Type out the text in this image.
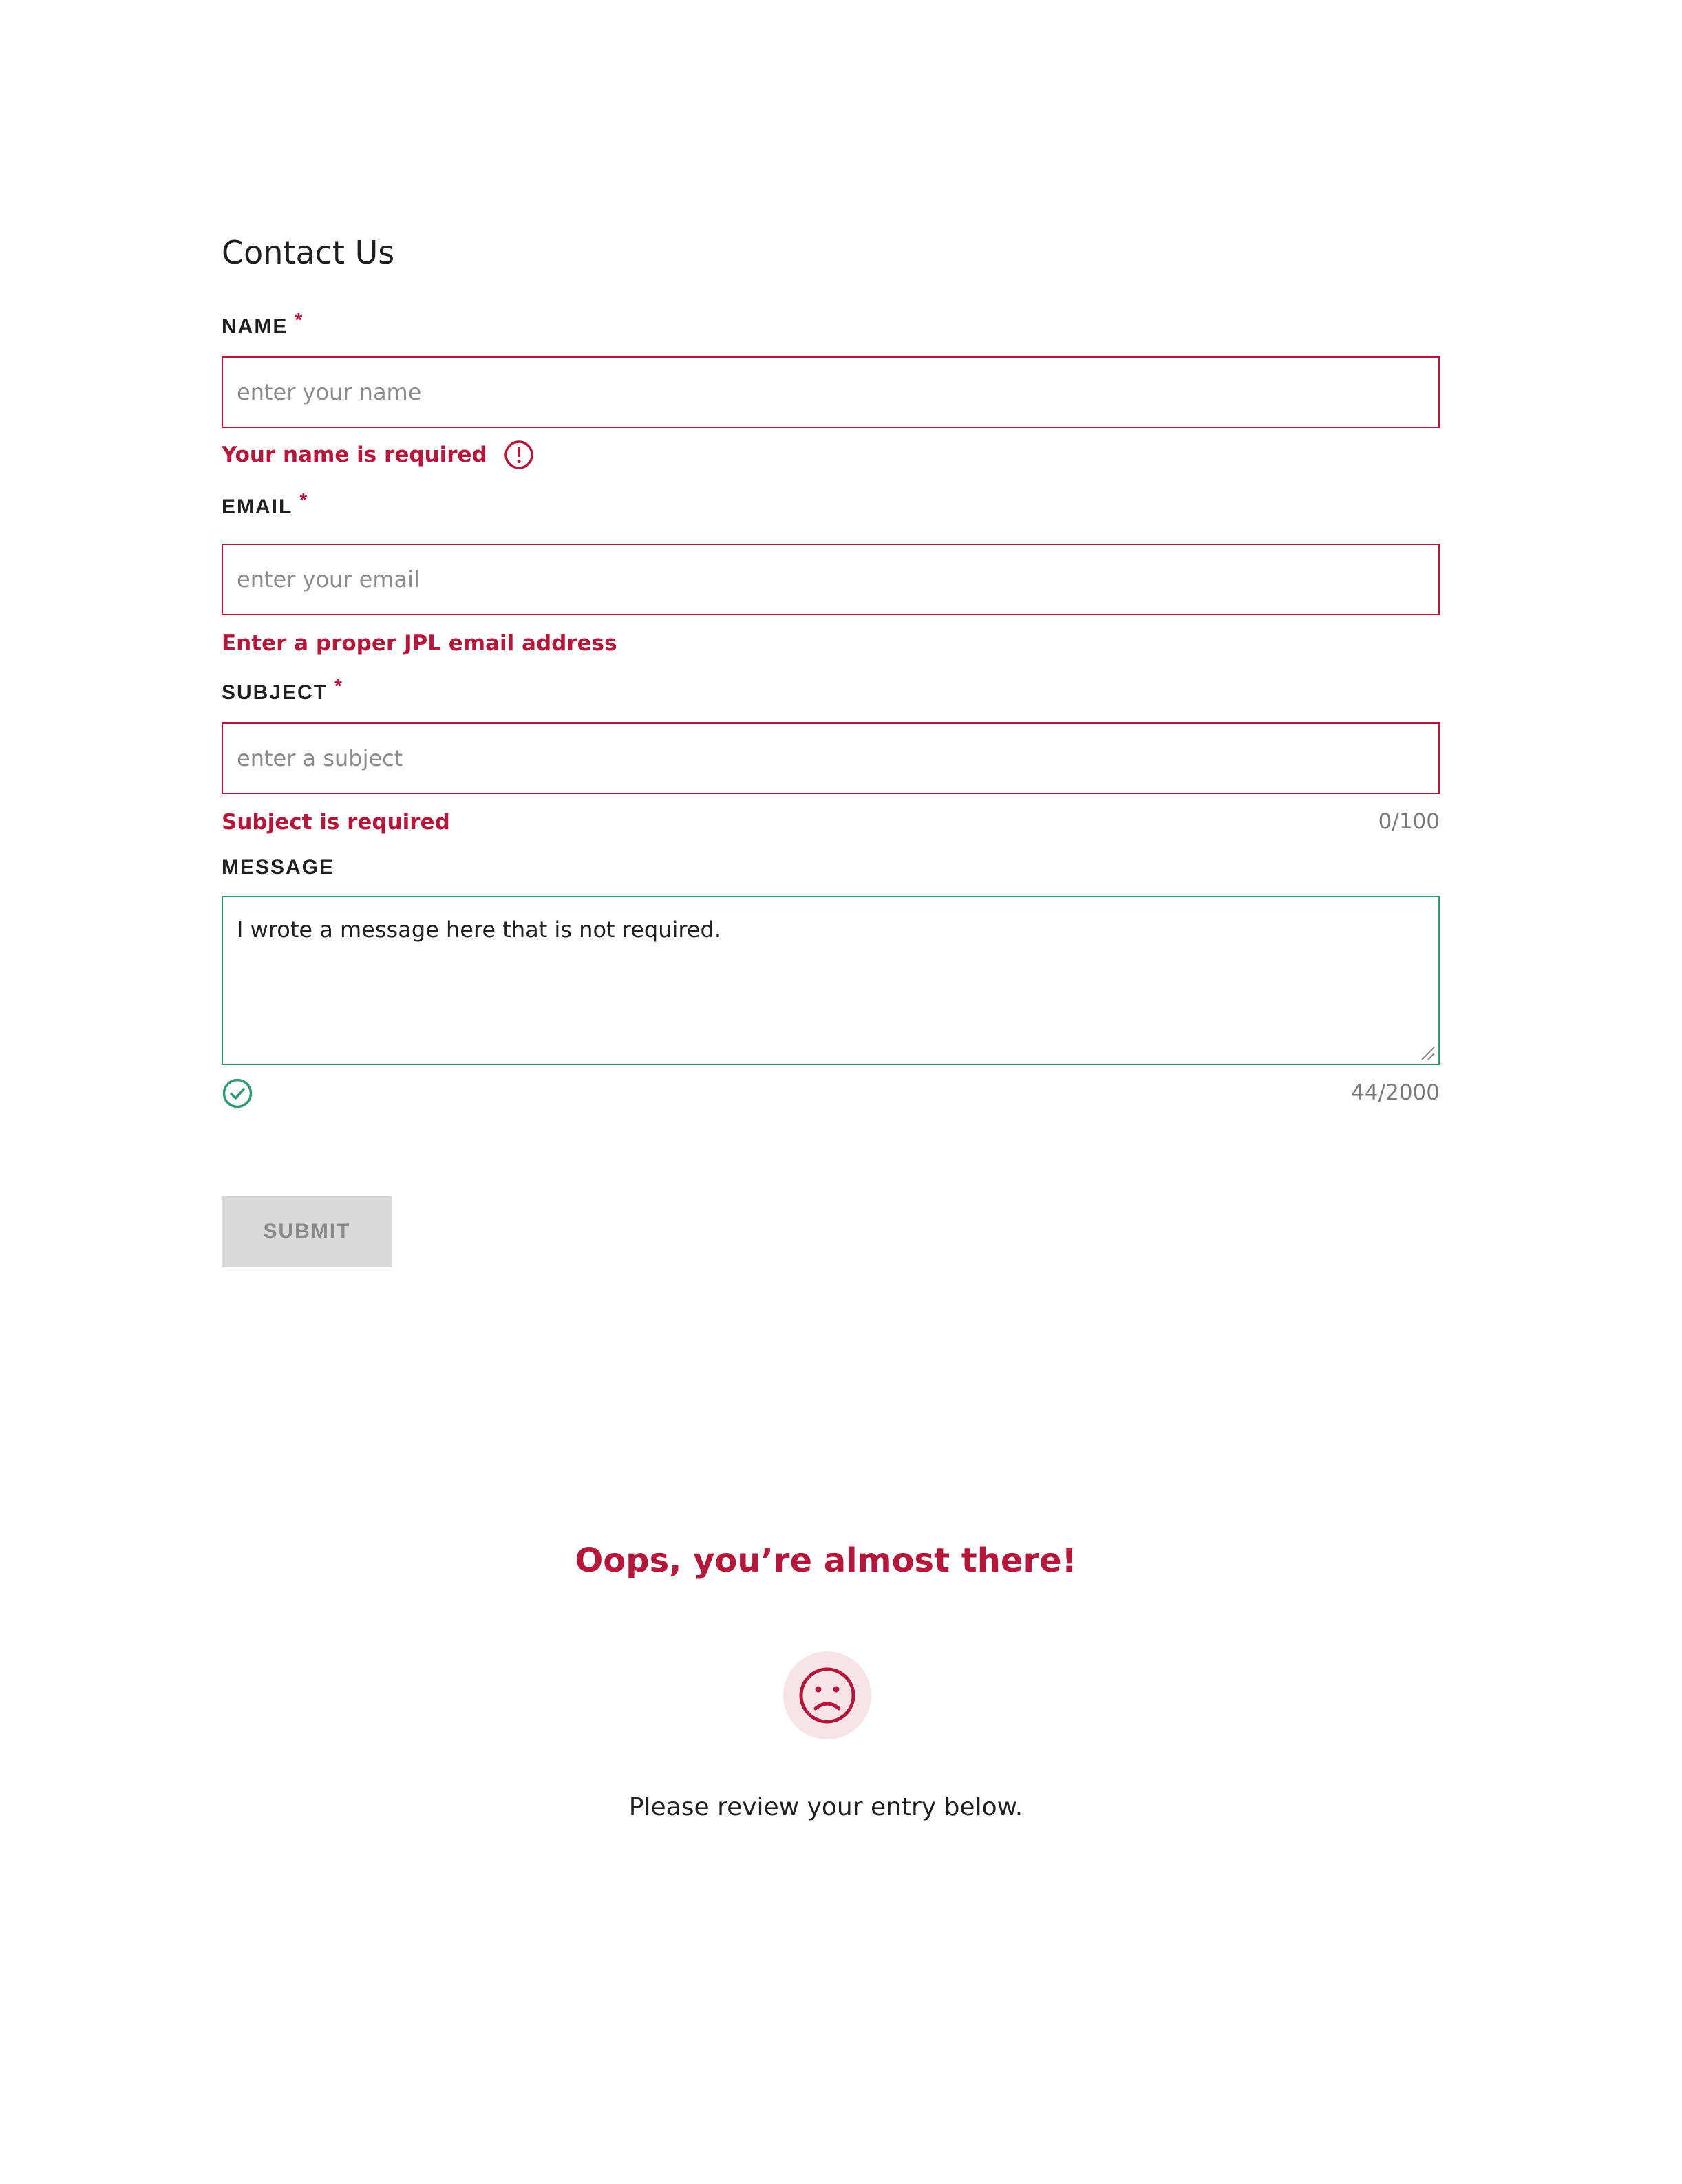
Contact Us
NAME *
enter your name
Your name is required
EMAIL *
enter your email
Enter a proper JPL email address
SUBJECT *
enter a subject
Subject is required	0/100
MESSAGE
I wrote a message here that is not required.
44/2000
SUBMIT
Oops, you’re almost there!

Please review your entry below.
